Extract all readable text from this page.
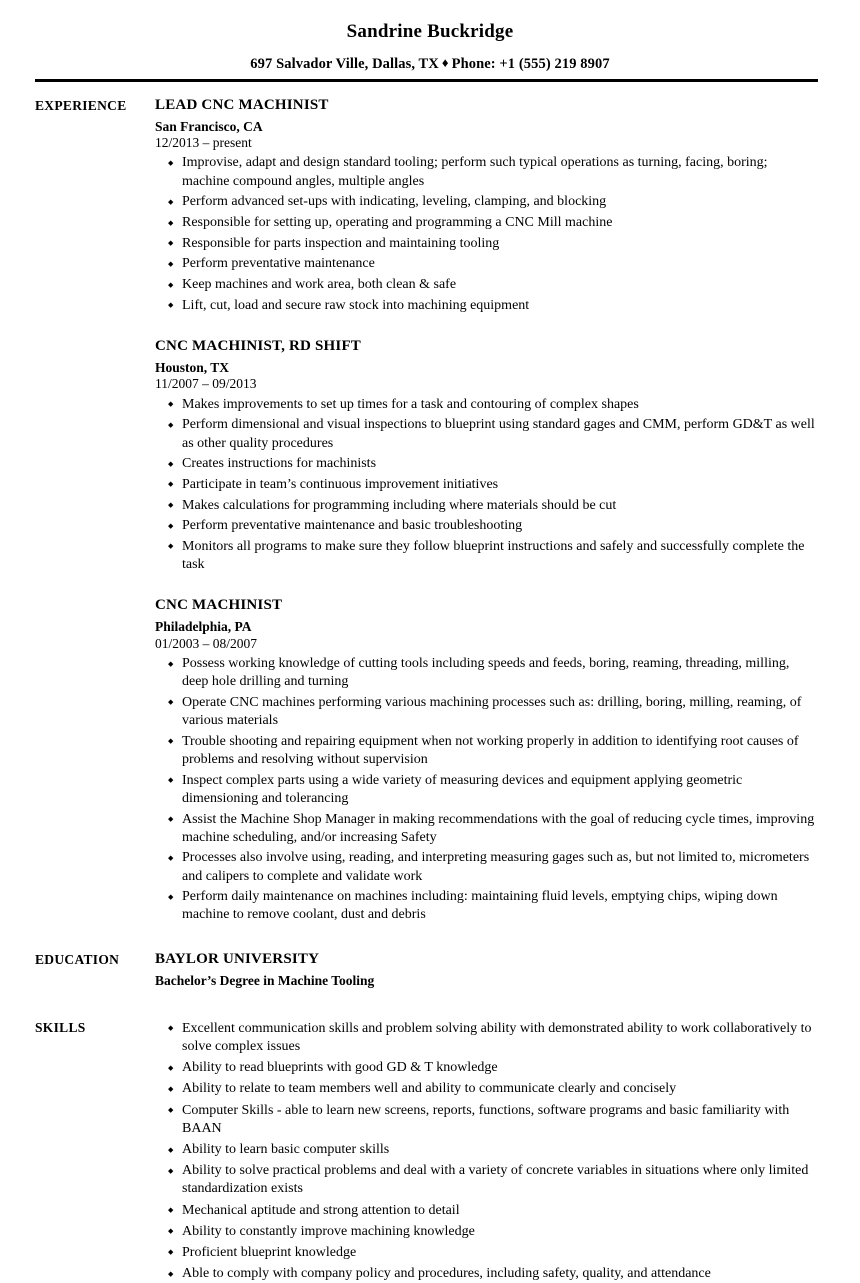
Sandrine Buckridge
697 Salvador Ville, Dallas, TX ♦ Phone: +1 (555) 219 8907
EXPERIENCE	LEAD CNC MACHINIST
San Francisco, CA
12/2013 – present
◆ Improvise, adapt and design standard tooling; perform such typical operations as turning, facing, boring; machine compound angles, multiple angles
◆ Perform advanced set-ups with indicating, leveling, clamping, and blocking
◆ Responsible for setting up, operating and programming a CNC Mill machine
◆ Responsible for parts inspection and maintaining tooling
◆ Perform preventative maintenance
◆ Keep machines and work area, both clean & safe
◆ Lift, cut, load and secure raw stock into machining equipment
CNC MACHINIST, RD SHIFT
Houston, TX
11/2007 – 09/2013
◆ Makes improvements to set up times for a task and contouring of complex shapes
◆ Perform dimensional and visual inspections to blueprint using standard gages and CMM, perform GD&T as well as other quality procedures
◆ Creates instructions for machinists
◆ Participate in team’s continuous improvement initiatives
◆ Makes calculations for programming including where materials should be cut
◆ Perform preventative maintenance and basic troubleshooting
◆ Monitors all programs to make sure they follow blueprint instructions and safely and successfully complete the task
CNC MACHINIST
Philadelphia, PA
01/2003 – 08/2007
◆ Possess working knowledge of cutting tools including speeds and feeds, boring, reaming, threading, milling, deep hole drilling and turning
◆ Operate CNC machines performing various machining processes such as: drilling, boring, milling, reaming, of various materials
◆ Trouble shooting and repairing equipment when not working properly in addition to identifying root causes of problems and resolving without supervision
◆ Inspect complex parts using a wide variety of measuring devices and equipment applying geometric dimensioning and tolerancing
◆ Assist the Machine Shop Manager in making recommendations with the goal of reducing cycle times, improving machine scheduling, and/or increasing Safety
◆ Processes also involve using, reading, and interpreting measuring gages such as, but not limited to, micrometers and calipers to complete and validate work
◆ Perform daily maintenance on machines including: maintaining fluid levels, emptying chips, wiping down machine to remove coolant, dust and debris
EDUCATION	BAYLOR UNIVERSITY
Bachelor’s Degree in Machine Tooling
SKILLS	◆ Excellent communication skills and problem solving ability with demonstrated ability to work collaboratively to solve complex issues
◆ Ability to read blueprints with good GD & T knowledge
◆ Ability to relate to team members well and ability to communicate clearly and concisely
◆ Computer Skills - able to learn new screens, reports, functions, software programs and basic familiarity with BAAN
◆ Ability to learn basic computer skills
◆ Ability to solve practical problems and deal with a variety of concrete variables in situations where only limited standardization exists
◆ Mechanical aptitude and strong attention to detail
◆ Ability to constantly improve machining knowledge
◆ Proficient blueprint knowledge
◆ Able to comply with company policy and procedures, including safety, quality, and attendance
